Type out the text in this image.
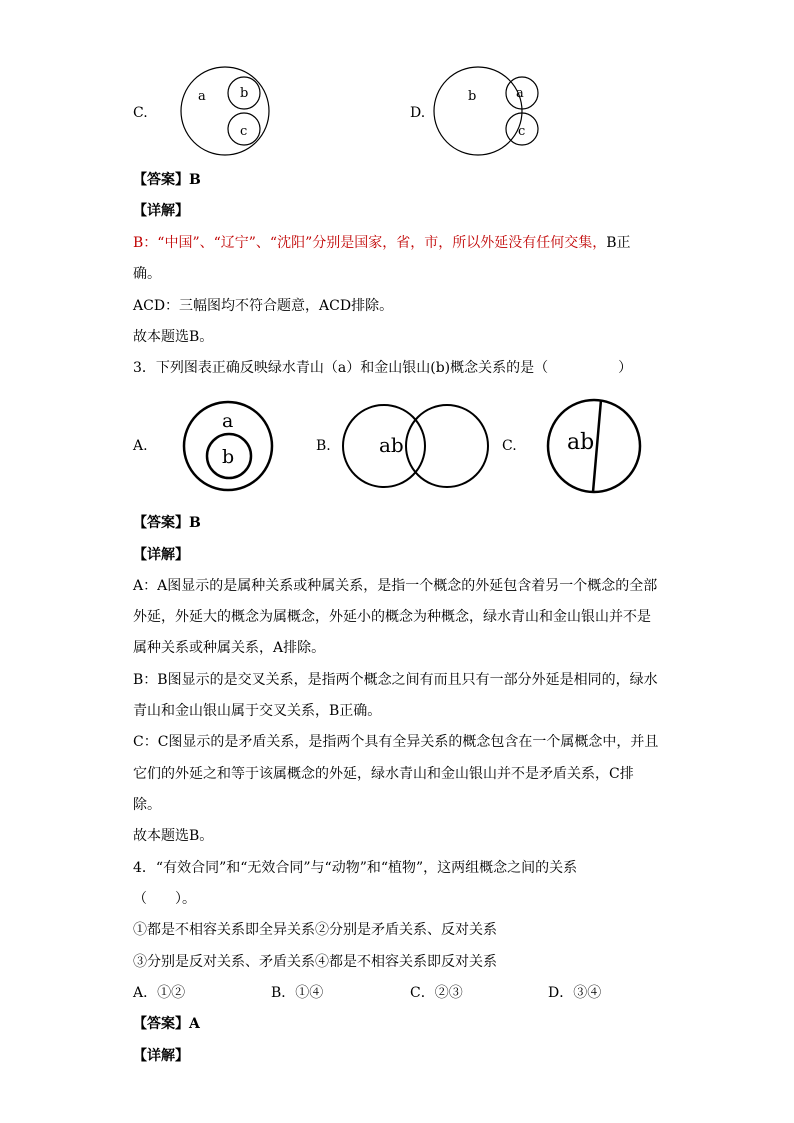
C.
a	b
c
D.
b	a
c
【答案】B
【详解】
B：“中国”、“辽宁”、“沈阳”分别是国家，省，市，所以外延没有任何交集，B正
确。
ACD：三幅图均不符合题意，ACD排除。
故本题选B。
3．下列图表正确反映绿水青山（a）和金山银山(b)概念关系的是（　　　　　）
A.
a
b	B. ab	C. ab
【答案】B
【详解】
A：A图显示的是属种关系或种属关系，是指一个概念的外延包含着另一个概念的全部
外延，外延大的概念为属概念，外延小的概念为种概念，绿水青山和金山银山并不是
属种关系或种属关系，A排除。
B：B图显示的是交叉关系，是指两个概念之间有而且只有一部分外延是相同的，绿水
青山和金山银山属于交叉关系，B正确。
C：C图显示的是矛盾关系，是指两个具有全异关系的概念包含在一个属概念中，并且
它们的外延之和等于该属概念的外延，绿水青山和金山银山并不是矛盾关系，C排
除。
故本题选B。
4．“有效合同”和“无效合同”与“动物”和“植物”，这两组概念之间的关系
（　　）。
①都是不相容关系即全异关系②分别是矛盾关系、反对关系
③分别是反对关系、矛盾关系④都是不相容关系即反对关系
A．①②	B．①④	C．②③	D．③④
【答案】A
【详解】
